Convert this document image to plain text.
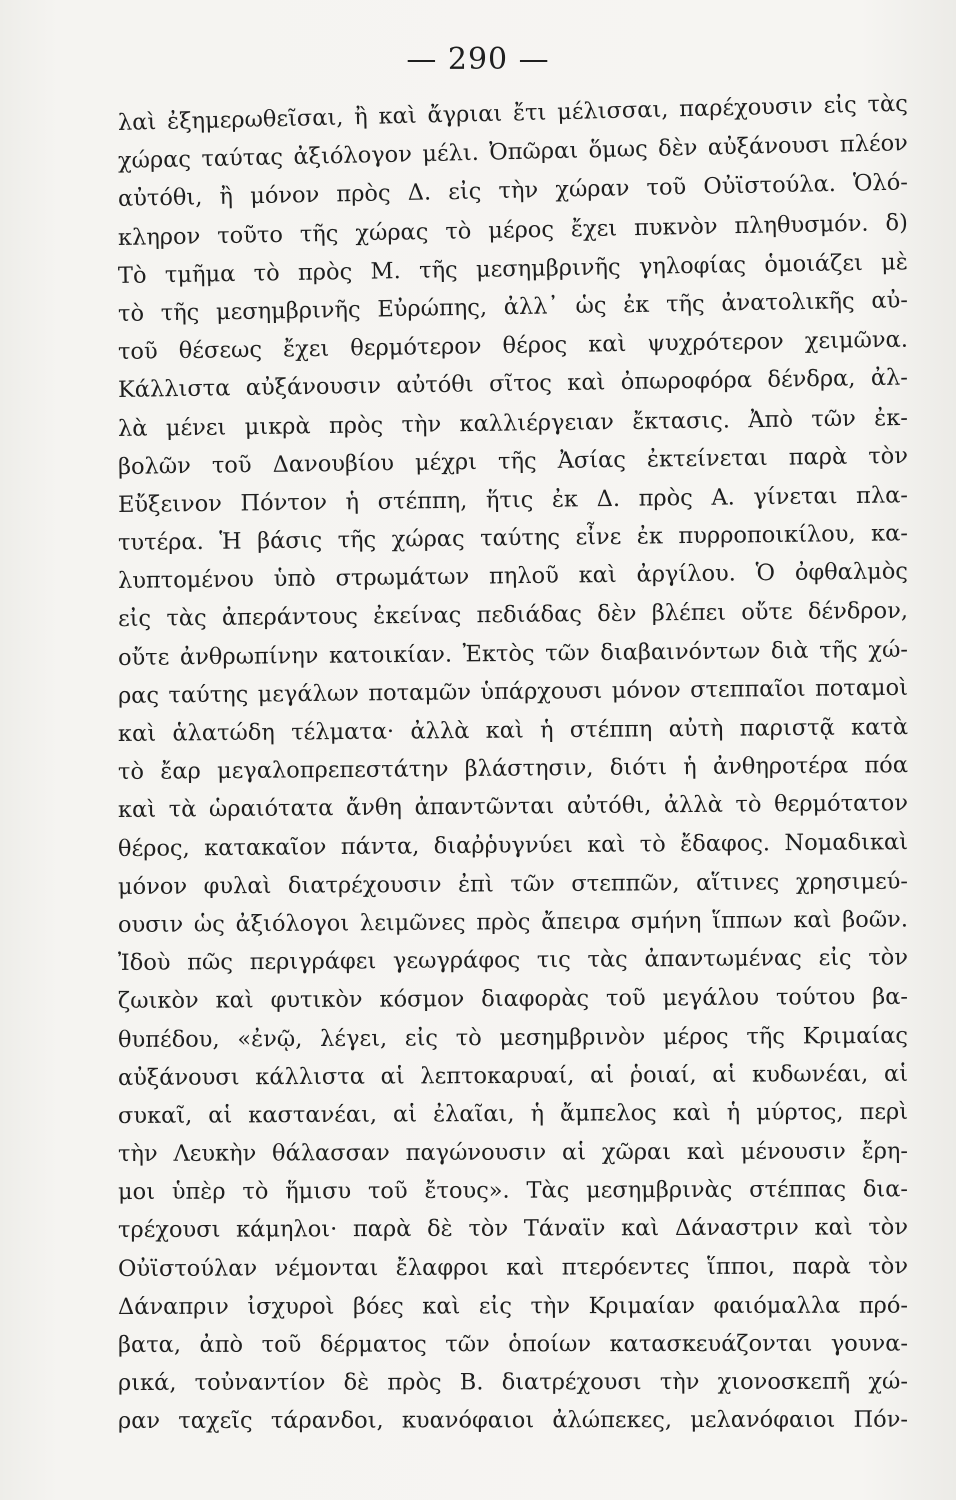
— 290 —
λαὶ ἐξημερωθεῖσαι, ἢ καὶ ἄγριαι ἔτι μέλισσαι, παρέχουσιν εἰς τὰς
χώρας ταύτας ἀξιόλογον μέλι. Ὀπῶραι ὅμως δὲν αὐξάνουσι πλέον
αὐτόθι, ἢ μόνον πρὸς Δ. εἰς τὴν χώραν τοῦ Οὐϊστούλα. Ὁλό-
κληρον τοῦτο τῆς χώρας τὸ μέρος ἔχει πυκνὸν πληθυσμόν. δ)
Τὸ τμῆμα τὸ πρὸς Μ. τῆς μεσημβρινῆς γηλοφίας ὁμοιάζει μὲ
τὸ τῆς μεσημβρινῆς Εὐρώπης, ἀλλ᾽ ὡς ἐκ τῆς ἀνατολικῆς αὐ-
τοῦ θέσεως ἔχει θερμότερον θέρος καὶ ψυχρότερον χειμῶνα.
Κάλλιστα αὐξάνουσιν αὐτόθι σῖτος καὶ ὀπωροφόρα δένδρα, ἀλ-
λὰ μένει μικρὰ πρὸς τὴν καλλιέργειαν ἔκτασις. Ἀπὸ τῶν ἐκ-
βολῶν τοῦ Δανουβίου μέχρι τῆς Ἀσίας ἐκτείνεται παρὰ τὸν
Εὔξεινον Πόντον ἡ στέππη, ἥτις ἐκ Δ. πρὸς Α. γίνεται πλα-
τυτέρα. Ἡ βάσις τῆς χώρας ταύτης εἶνε ἐκ πυρροποικίλου, κα-
λυπτομένου ὑπὸ στρωμάτων πηλοῦ καὶ ἀργίλου. Ὁ ὀφθαλμὸς
εἰς τὰς ἀπεράντους ἐκείνας πεδιάδας δὲν βλέπει οὔτε δένδρον,
οὔτε ἀνθρωπίνην κατοικίαν. Ἐκτὸς τῶν διαβαινόντων διὰ τῆς χώ-
ρας ταύτης μεγάλων ποταμῶν ὑπάρχουσι μόνον στεππαῖοι ποταμοὶ
καὶ ἁλατώδη τέλματα· ἀλλὰ καὶ ἡ στέππη αὐτὴ παριστᾷ κατὰ
τὸ ἔαρ μεγαλοπρεπεστάτην βλάστησιν, διότι ἡ ἀνθηροτέρα πόα
καὶ τὰ ὡραιότατα ἄνθη ἀπαντῶνται αὐτόθι, ἀλλὰ τὸ θερμότατον
θέρος, κατακαῖον πάντα, διαῤῥυγνύει καὶ τὸ ἔδαφος. Νομαδικαὶ
μόνον φυλαὶ διατρέχουσιν ἐπὶ τῶν στεππῶν, αἵτινες χρησιμεύ-
ουσιν ὡς ἀξιόλογοι λειμῶνες πρὸς ἄπειρα σμήνη ἵππων καὶ βοῶν.
Ἰδοὺ πῶς περιγράφει γεωγράφος τις τὰς ἀπαντωμένας εἰς τὸν
ζωικὸν καὶ φυτικὸν κόσμον διαφορὰς τοῦ μεγάλου τούτου βα-
θυπέδου, «ἐνῷ, λέγει, εἰς τὸ μεσημβρινὸν μέρος τῆς Κριμαίας
αὐξάνουσι κάλλιστα αἱ λεπτοκαρυαί, αἱ ῥοιαί, αἱ κυδωνέαι, αἱ
συκαῖ, αἱ καστανέαι, αἱ ἐλαῖαι, ἡ ἄμπελος καὶ ἡ μύρτος, περὶ
τὴν Λευκὴν θάλασσαν παγώνουσιν αἱ χῶραι καὶ μένουσιν ἔρη-
μοι ὑπὲρ τὸ ἥμισυ τοῦ ἔτους». Τὰς μεσημβρινὰς στέππας δια-
τρέχουσι κάμηλοι· παρὰ δὲ τὸν Τάναϊν καὶ Δάναστριν καὶ τὸν
Οὐϊστούλαν νέμονται ἔλαφροι καὶ πτερόεντες ἵπποι, παρὰ τὸν
Δάναπριν ἰσχυροὶ βόες καὶ εἰς τὴν Κριμαίαν φαιόμαλλα πρό-
βατα, ἀπὸ τοῦ δέρματος τῶν ὁποίων κατασκευάζονται γουνα-
ρικά, τοὐναντίον δὲ πρὸς Β. διατρέχουσι τὴν χιονοσκεπῆ χώ-
ραν ταχεῖς τάρανδοι, κυανόφαιοι ἀλώπεκες, μελανόφαιοι Πόν-
